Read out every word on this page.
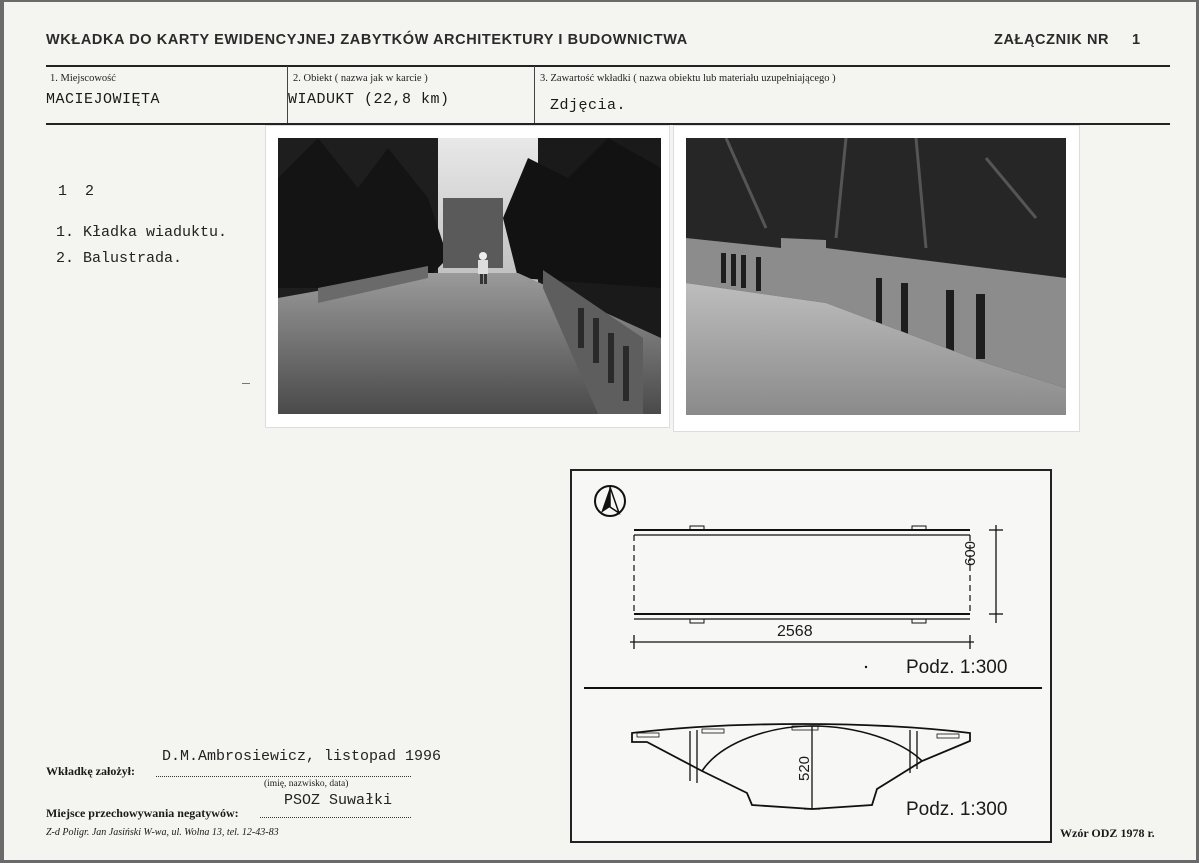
WKŁADKA DO KARTY EWIDENCYJNEJ ZABYTKÓW ARCHITEKTURY I BUDOWNICTWA	ZAŁĄCZNIK NR 1
1. Miejscowość
MACIEJOWIĘTA
2. Obiekt ( nazwa jak w karcie )
WIADUKT (22,8 km)
3. Zawartość wkładki ( nazwa obiektu lub materiału uzupełniającego )
Zdjęcia.
1  2
1. Kładka wiaduktu.
2. Balustrada.
600
2568
Podz. 1:300
520
Podz. 1:300
Wkładkę założył:
D.M.Ambrosiewicz, listopad 1996
(imię, nazwisko, data)
Miejsce przechowywania negatywów:
PSOZ Suwałki
Z-d Poligr. Jan Jasiński W-wa, ul. Wolna 13, tel. 12-43-83	Wzór ODZ 1978 r.
